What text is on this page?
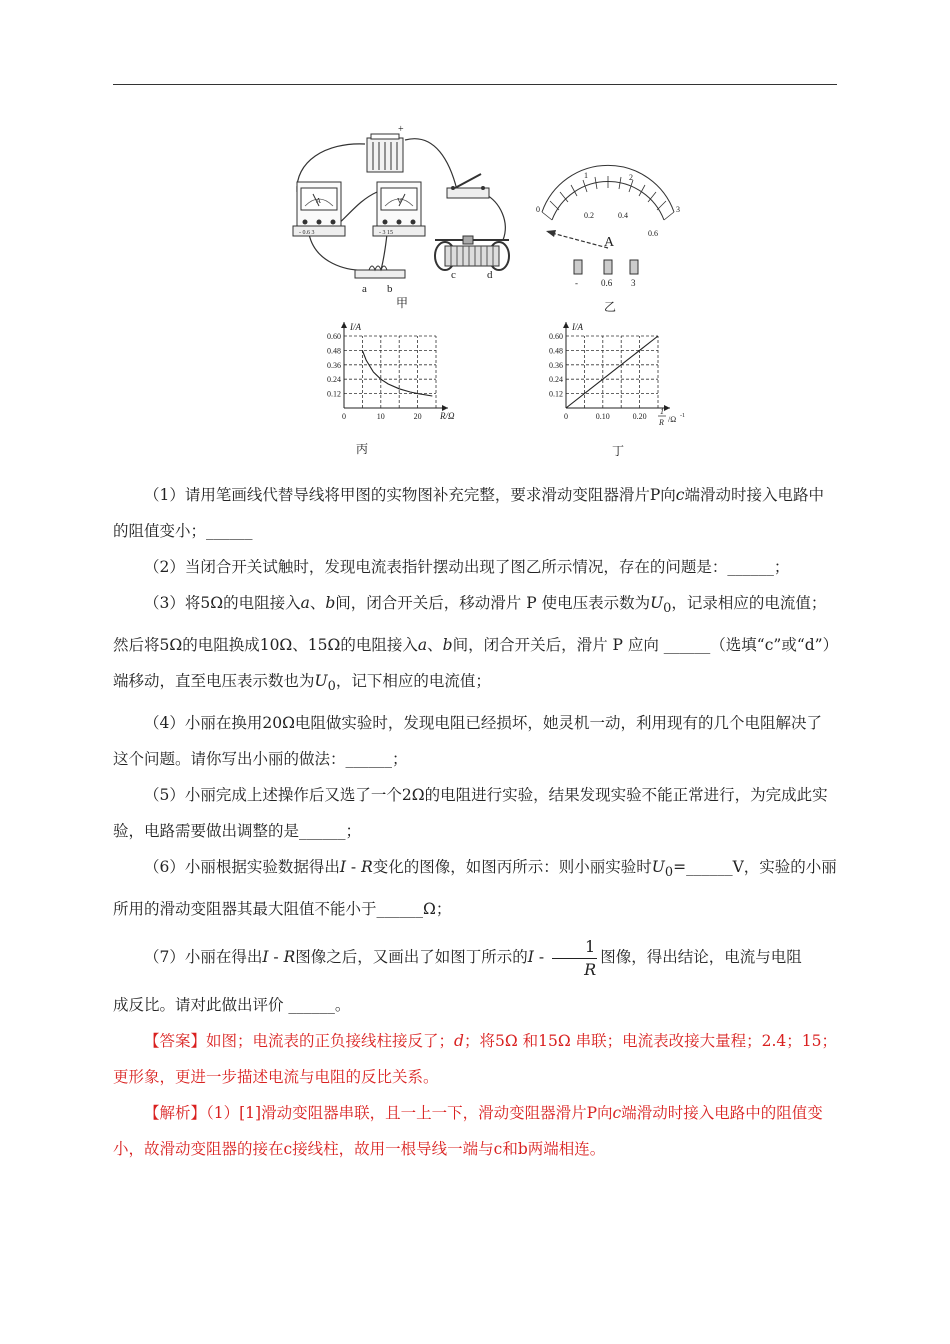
+
A
- 0.6 3
V
- 3 15
c	d
a b
甲
0
1	2
3
0.2	0.4
0.6
A
-	0.6 3
乙
0.12
0.24
0.36
0.48
0.60
0	10	20
I/A
R/Ω
丙
0.12
0.24
0.36
0.48
0.60
0	0.10	0.20
I/A
1
R /Ω -1
丁

（1）请用笔画线代替导线将甲图的实物图补充完整，要求滑动变阻器滑片P向c端滑动时接入电路中的阻值变小；______

（2）当闭合开关试触时，发现电流表指针摆动出现了图乙所示情况，存在的问题是：______；

（3）将5Ω的电阻接入a、b间，闭合开关后，移动滑片 P 使电压表示数为$U_0$，记录相应的电流值；然后将5Ω的电阻换成10Ω、15Ω的电阻接入a、b间，闭合开关后，滑片 P 应向 ______（选填“c”或“d”）端移动，直至电压表示数也为$U_0$，记下相应的电流值；

（4）小丽在换用20Ω电阻做实验时，发现电阻已经损坏，她灵机一动，利用现有的几个电阻解决了这个问题。请你写出小丽的做法：______；

（5）小丽完成上述操作后又选了一个2Ω的电阻进行实验，结果发现实验不能正常进行，为完成此实验，电路需要做出调整的是______；

（6）小丽根据实验数据得出I - R变化的图像，如图丙所示：则小丽实验时$U_0=\_\_\_\_\_\_V$，实验的小丽所用的滑动变阻器其最大阻值不能小于______Ω；

（7）小丽在得出I - R图像之后，又画出了如图丁所示的I - $\frac{1}{R}$ 图像，得出结论，电流与电阻

成反比。请对此做出评价 ______。

【答案】如图；电流表的正负接线柱接反了；d；将5Ω 和15Ω 串联；电流表改接大量程；2.4；15；更形象，更进一步描述电流与电阻的反比关系。

【解析】（1）[1]滑动变阻器串联，且一上一下，滑动变阻器滑片P向c端滑动时接入电路中的阻值变小，故滑动变阻器的接在c接线柱，故用一根导线一端与c和b两端相连。
